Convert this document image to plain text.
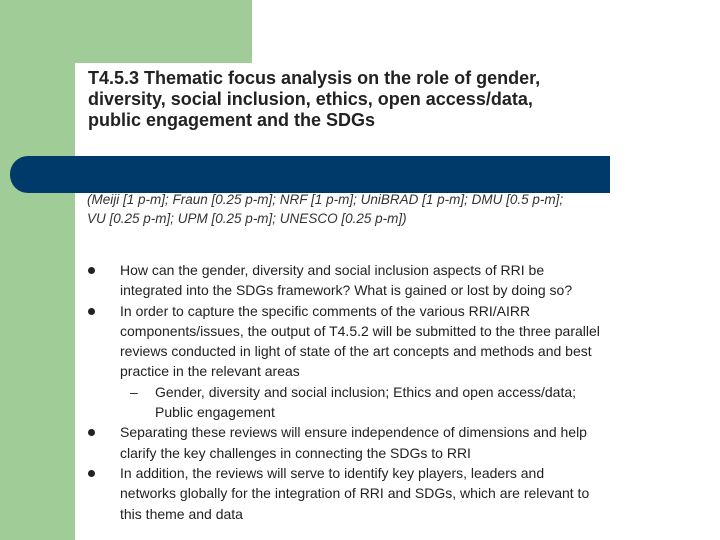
T4.5.3 Thematic focus analysis on the role of gender,
diversity, social inclusion, ethics, open access/data,
public engagement and the SDGs
(Meiji [1 p-m]; Fraun [0.25 p-m]; NRF [1 p-m]; UniBRAD [1 p-m]; DMU [0.5 p-m];
VU [0.25 p-m]; UPM [0.25 p-m]; UNESCO [0.25 p-m])
How can the gender, diversity and social inclusion aspects of RRI be
integrated into the SDGs framework? What is gained or lost by doing so?
In order to capture the specific comments of the various RRI/AIRR
components/issues, the output of T4.5.2 will be submitted to the three parallel
reviews conducted in light of state of the art concepts and methods and best
practice in the relevant areas
– Gender, diversity and social inclusion; Ethics and open access/data;
Public engagement
Separating these reviews will ensure independence of dimensions and help
clarify the key challenges in connecting the SDGs to RRI
In addition, the reviews will serve to identify key players, leaders and
networks globally for the integration of RRI and SDGs, which are relevant to
this theme and data
